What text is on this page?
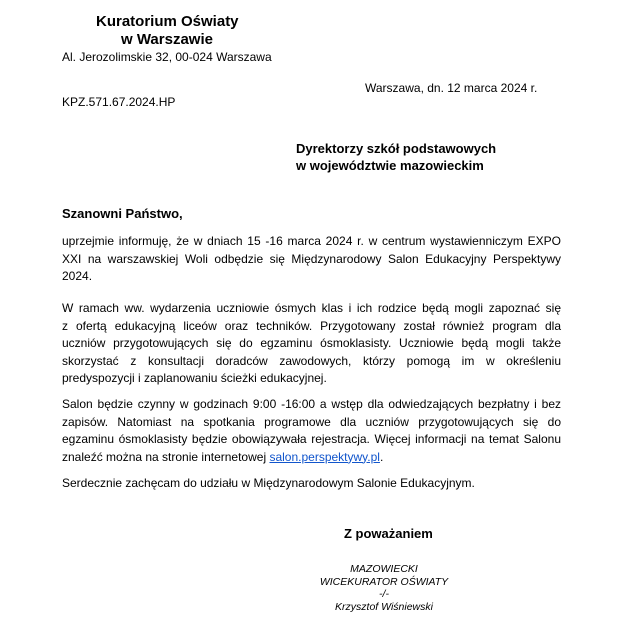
Kuratorium Oświaty
w Warszawie
Al. Jerozolimskie 32, 00-024 Warszawa
Warszawa, dn. 12 marca 2024 r.
KPZ.571.67.2024.HP
Dyrektorzy szkół podstawowych
w województwie mazowieckim
Szanowni Państwo,
uprzejmie informuję, że w dniach 15 -16 marca 2024 r. w centrum wystawienniczym EXPO
XXI na warszawskiej Woli odbędzie się Międzynarodowy Salon Edukacyjny Perspektywy
2024.
W ramach ww. wydarzenia uczniowie ósmych klas i ich rodzice będą mogli zapoznać się
z ofertą edukacyjną liceów oraz techników. Przygotowany został również program dla
uczniów przygotowujących się do egzaminu ósmoklasisty. Uczniowie będą mogli także
skorzystać z konsultacji doradców zawodowych, którzy pomogą im w określeniu
predyspozycji i zaplanowaniu ścieżki edukacyjnej.
Salon będzie czynny w godzinach 9:00 -16:00 a wstęp dla odwiedzających bezpłatny i bez
zapisów. Natomiast na spotkania programowe dla uczniów przygotowujących się do
egzaminu ósmoklasisty będzie obowiązywała rejestracja. Więcej informacji na temat Salonu
znaleźć można na stronie internetowej salon.perspektywy.pl.
Serdecznie zachęcam do udziału w Międzynarodowym Salonie Edukacyjnym.
Z poważaniem
MAZOWIECKI
WICEKURATOR OŚWIATY
-/-
Krzysztof Wiśniewski
